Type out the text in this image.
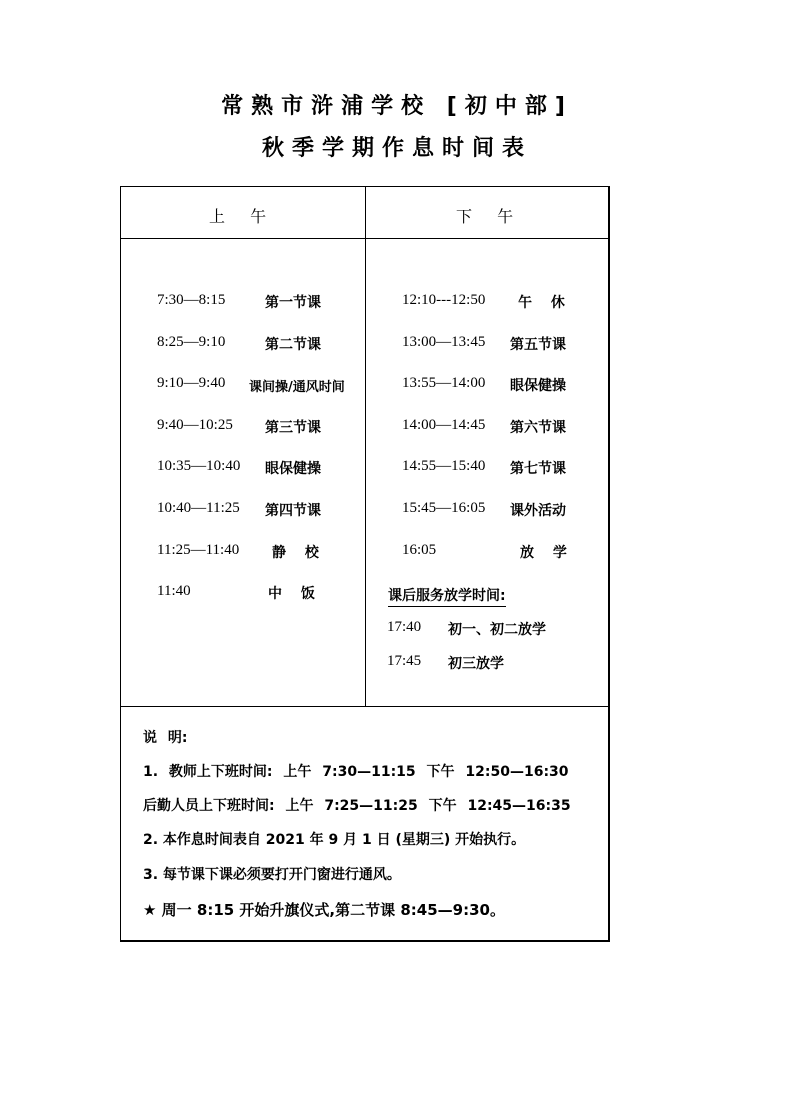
常熟市浒浦学校 [初中部]
秋季学期作息时间表
上 午	下 午
7:30—8:15	第一节课
8:25—9:10	第二节课
9:10—9:40 课间操/通风时间
9:40—10:25 第三节课
10:35—10:40 眼保健操
10:40—11:25 第四节课
11:25—11:40 静 校
11:40	中 饭
12:10---12:50 午 休
13:00—13:45 第五节课
13:55—14:00 眼保健操
14:00—14:45 第六节课
14:55—15:40 第七节课
15:45—16:05 课外活动
16:05	放 学
课后服务放学时间:
17:40 初一、初二放学
17:45 初三放学
说 明:
1. 教师上下班时间: 上午 7:30—11:15 下午 12:50—16:30
后勤人员上下班时间: 上午 7:25—11:25 下午 12:45—16:35
2. 本作息时间表自 2021 年 9 月 1 日 (星期三) 开始执行。
3. 每节课下课必须要打开门窗进行通风。
★ 周一 8:15 开始升旗仪式,第二节课 8:45—9:30。
